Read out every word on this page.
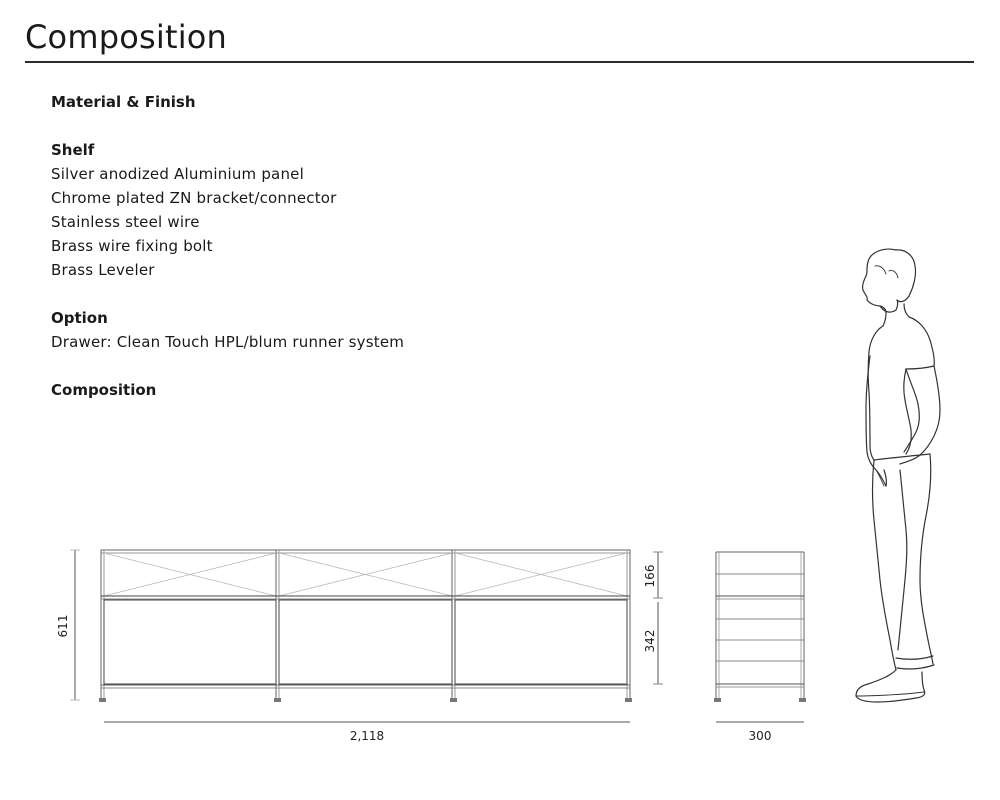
Composition
Material & Finish
Shelf

Silver anodized Aluminium panel

Chrome plated ZN bracket/connector

Stainless steel wire

Brass wire fixing bolt

Brass Leveler

Option

Drawer: Clean Touch HPL/blum runner system

Composition
611
166
342
2,118	300
